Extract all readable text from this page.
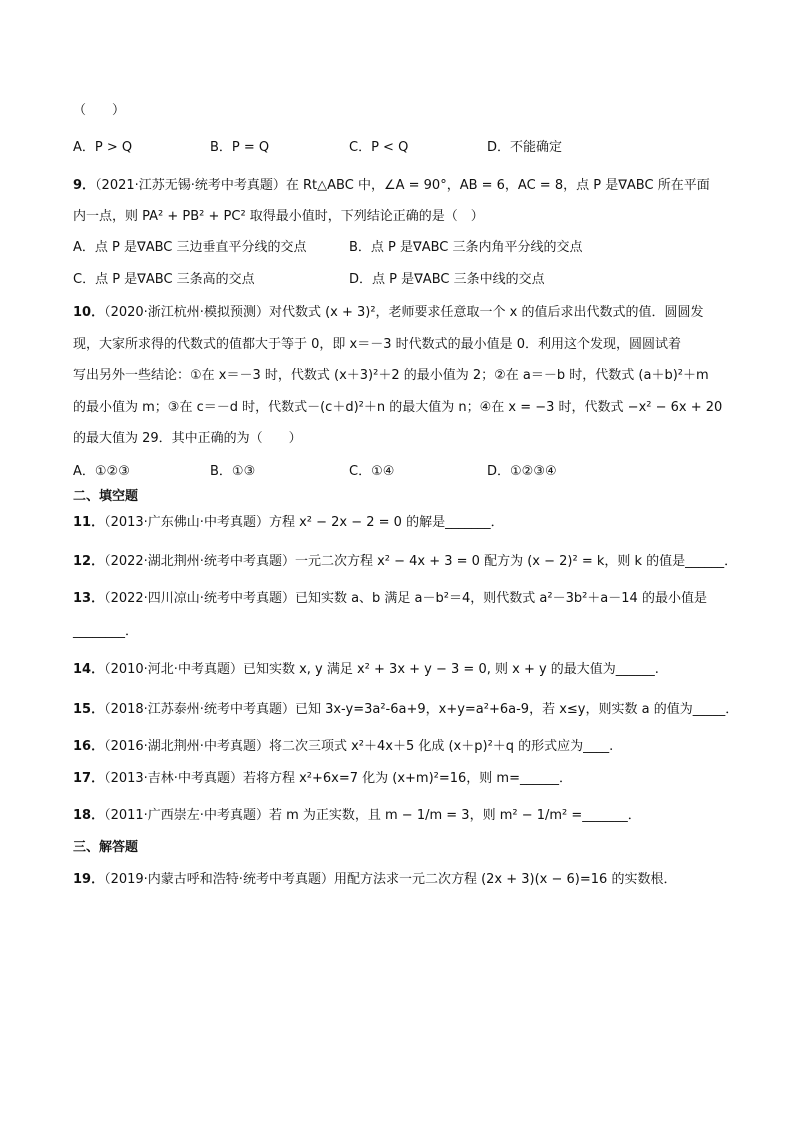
（　　）
A．P > Q	B．P = Q	C．P < Q	D．不能确定
9．（2021·江苏无锡·统考中考真题）在 Rt△ABC 中，∠A = 90°，AB = 6，AC = 8，点 P 是∇ABC 所在平面
内一点，则 PA² + PB² + PC² 取得最小值时，下列结论正确的是（　）
A．点 P 是∇ABC 三边垂直平分线的交点	B．点 P 是∇ABC 三条内角平分线的交点
C．点 P 是∇ABC 三条高的交点	D．点 P 是∇ABC 三条中线的交点
10．（2020·浙江杭州·模拟预测）对代数式 (x + 3)²，老师要求任意取一个 x 的值后求出代数式的值．圆圆发
现，大家所求得的代数式的值都大于等于 0，即 x＝－3 时代数式的最小值是 0．利用这个发现，圆圆试着
写出另外一些结论：①在 x＝－3 时，代数式 (x＋3)²＋2 的最小值为 2；②在 a＝－b 时，代数式 (a＋b)²＋m
的最小值为 m；③在 c＝－d 时，代数式－(c＋d)²＋n 的最大值为 n；④在 x = −3 时，代数式 −x² − 6x + 20
的最大值为 29．其中正确的为（　　）
A．①②③	B．①③	C．①④	D．①②③④
二、填空题
11．（2013·广东佛山·中考真题）方程 x² − 2x − 2 = 0 的解是_______．
12．（2022·湖北荆州·统考中考真题）一元二次方程 x² − 4x + 3 = 0 配方为 (x − 2)² = k，则 k 的值是______．
13．（2022·四川凉山·统考中考真题）已知实数 a、b 满足 a－b²＝4，则代数式 a²－3b²＋a－14 的最小值是
________．
14．（2010·河北·中考真题）已知实数 x, y 满足 x² + 3x + y − 3 = 0, 则 x + y 的最大值为______.
15．（2018·江苏泰州·统考中考真题）已知 3x-y=3a²-6a+9，x+y=a²+6a-9，若 x≤y，则实数 a 的值为_____．
16．（2016·湖北荆州·中考真题）将二次三项式 x²＋4x＋5 化成 (x＋p)²＋q 的形式应为____.
17．（2013·吉林·中考真题）若将方程 x²+6x=7 化为 (x+m)²=16，则 m=______．
18．（2011·广西崇左·中考真题）若 m 为正实数，且 m − 1/m = 3，则 m² − 1/m² =_______．
三、解答题
19．（2019·内蒙古呼和浩特·统考中考真题）用配方法求一元二次方程 (2x + 3)(x − 6)=16 的实数根．
